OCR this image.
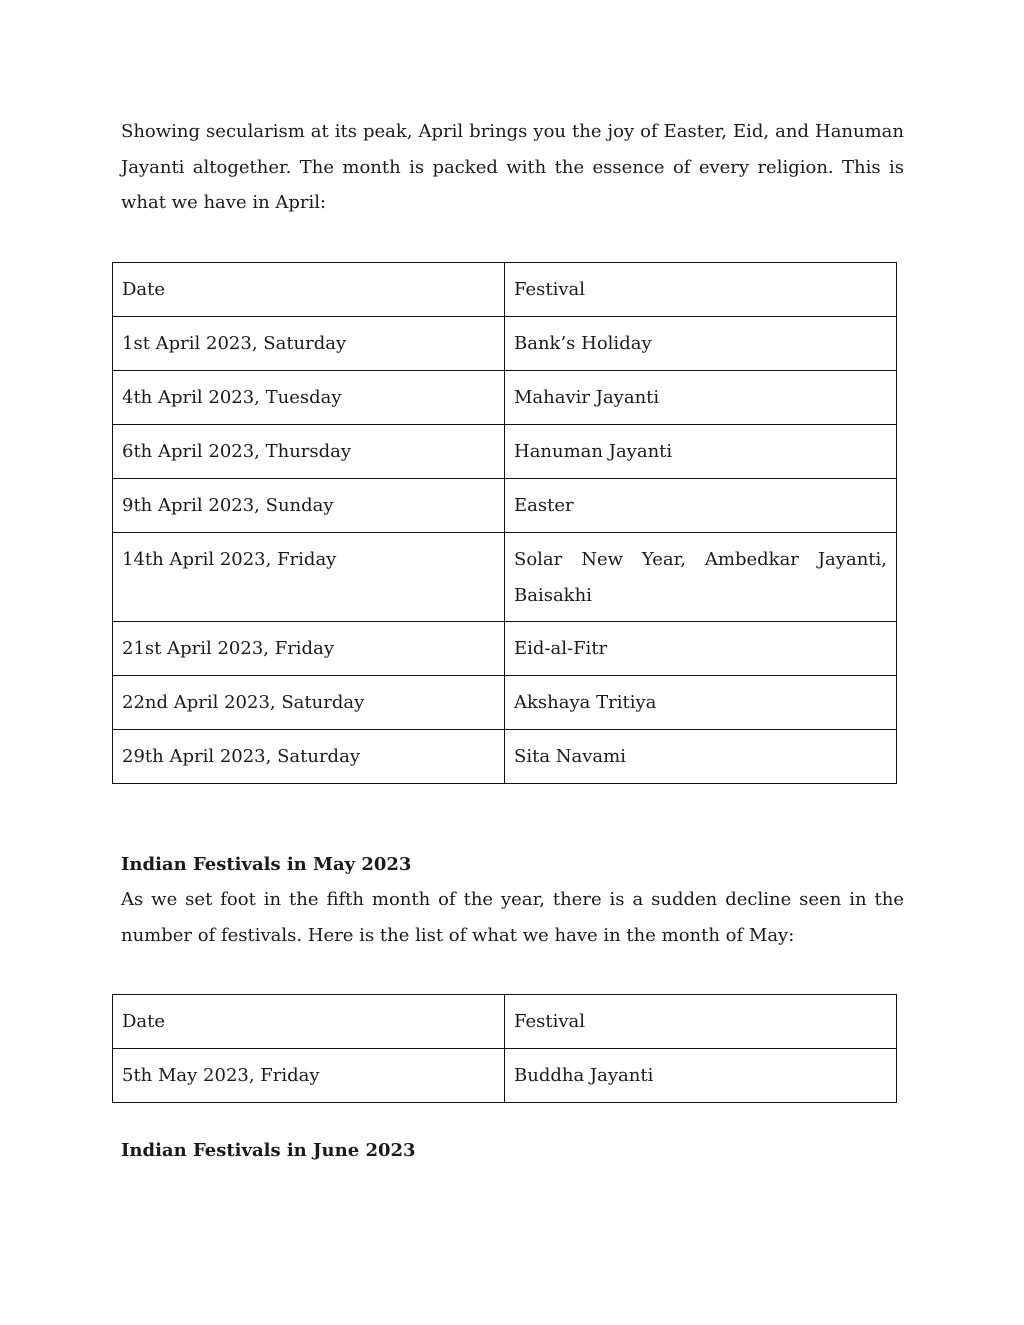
Showing secularism at its peak, April brings you the joy of Easter, Eid, and Hanuman Jayanti altogether. The month is packed with the essence of every religion. This is what we have in April:

Date	Festival
1st April 2023, Saturday	Bank’s Holiday
4th April 2023, Tuesday	Mahavir Jayanti
6th April 2023, Thursday	Hanuman Jayanti
9th April 2023, Sunday	Easter
14th April 2023, Friday	Solar New Year, Ambedkar Jayanti, Baisakhi
21st April 2023, Friday	Eid-al-Fitr
22nd April 2023, Saturday	Akshaya Tritiya
29th April 2023, Saturday	Sita Navami
Indian Festivals in May 2023

As we set foot in the fifth month of the year, there is a sudden decline seen in the number of festivals. Here is the list of what we have in the month of May:

Date	Festival
5th May 2023, Friday	Buddha Jayanti
Indian Festivals in June 2023
